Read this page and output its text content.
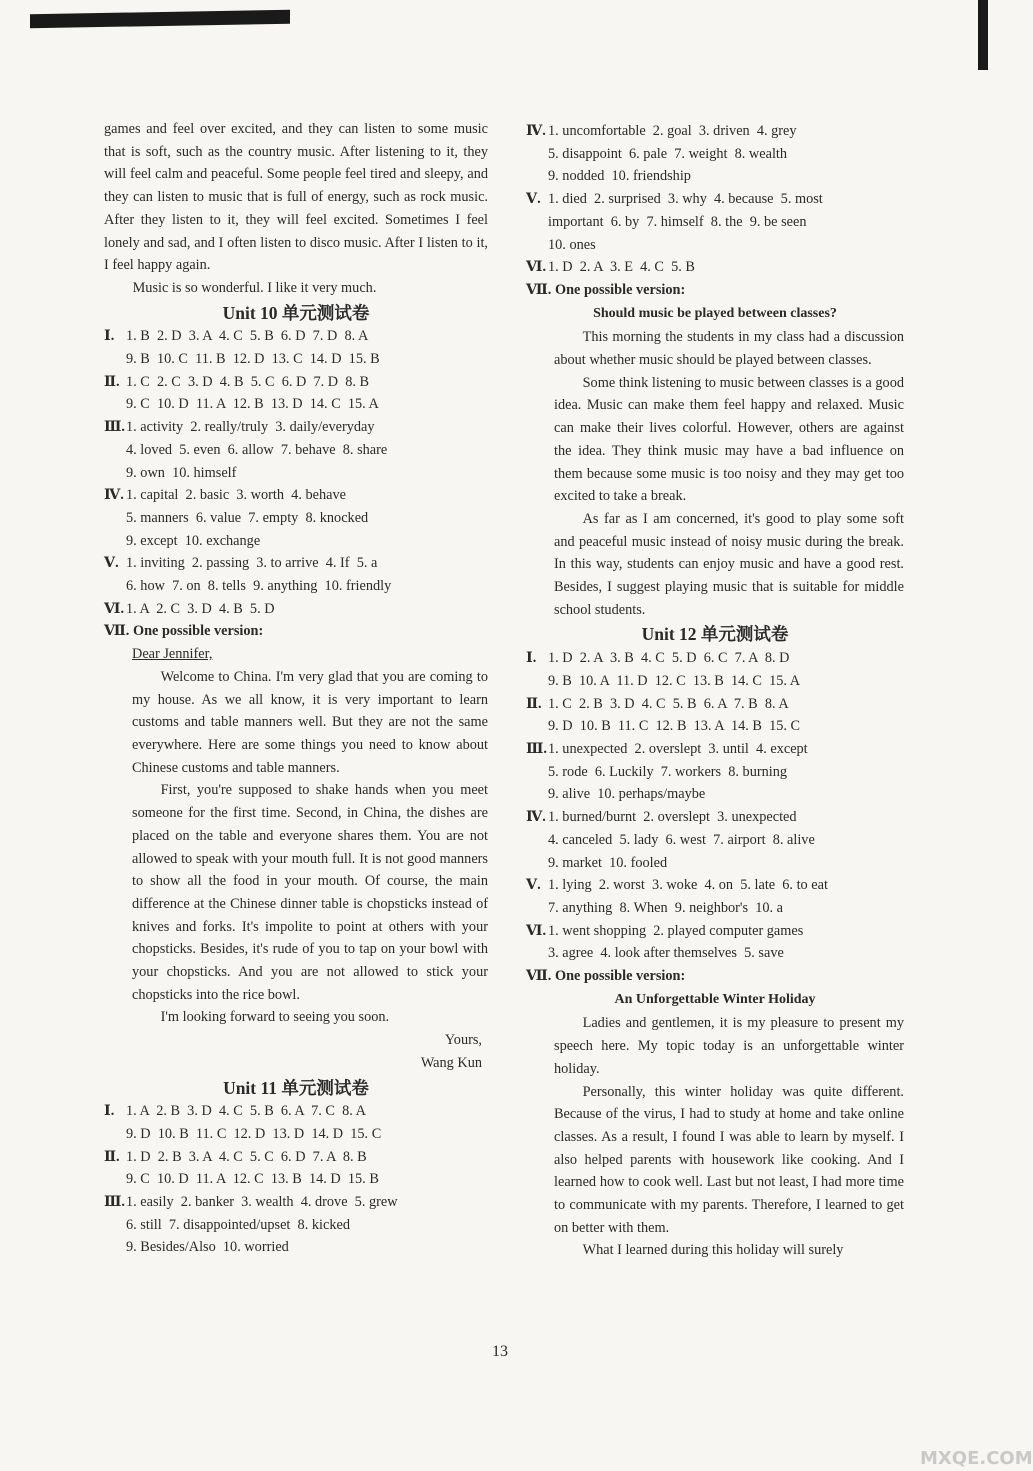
games and feel over excited, and they can listen to some music that is soft, such as the country music. After listening to it, they will feel calm and peaceful. Some people feel tired and sleepy, and they can listen to music that is full of energy, such as rock music. After they listen to it, they will feel excited. Sometimes I feel lonely and sad, and I often listen to disco music. After I listen to it, I feel happy again.

Music is so wonderful. I like it very much.

Unit 10 单元测试卷
Ⅰ. 1. B  2. D  3. A  4. C  5. B  6. D  7. D  8. A
9. B  10. C  11. B  12. D  13. C  14. D  15. B
Ⅱ. 1. C  2. C  3. D  4. B  5. C  6. D  7. D  8. B
9. C  10. D  11. A  12. B  13. D  14. C  15. A
Ⅲ. 1. activity  2. really/truly  3. daily/everyday
4. loved  5. even  6. allow  7. behave  8. share
9. own  10. himself
Ⅳ. 1. capital  2. basic  3. worth  4. behave
5. manners  6. value  7. empty  8. knocked
9. except  10. exchange
Ⅴ. 1. inviting  2. passing  3. to arrive  4. If  5. a
6. how  7. on  8. tells  9. anything  10. friendly
Ⅵ. 1. A  2. C  3. D  4. B  5. D
Ⅶ. One possible version:
Dear Jennifer,

Welcome to China. I'm very glad that you are coming to my house. As we all know, it is very important to learn customs and table manners well. But they are not the same everywhere. Here are some things you need to know about Chinese customs and table manners.

First, you're supposed to shake hands when you meet someone for the first time. Second, in China, the dishes are placed on the table and everyone shares them. You are not allowed to speak with your mouth full. It is not good manners to show all the food in your mouth. Of course, the main difference at the Chinese dinner table is chopsticks instead of knives and forks. It's impolite to point at others with your chopsticks. Besides, it's rude of you to tap on your bowl with your chopsticks. And you are not allowed to stick your chopsticks into the rice bowl.

I'm looking forward to seeing you soon.

Yours,
Wang Kun
Unit 11 单元测试卷
Ⅰ. 1. A  2. B  3. D  4. C  5. B  6. A  7. C  8. A
9. D  10. B  11. C  12. D  13. D  14. D  15. C
Ⅱ. 1. D  2. B  3. A  4. C  5. C  6. D  7. A  8. B
9. C  10. D  11. A  12. C  13. B  14. D  15. B
Ⅲ. 1. easily  2. banker  3. wealth  4. drove  5. grew
6. still  7. disappointed/upset  8. kicked
9. Besides/Also  10. worried
Ⅳ. 1. uncomfortable  2. goal  3. driven  4. grey
5. disappoint  6. pale  7. weight  8. wealth
9. nodded  10. friendship
Ⅴ. 1. died  2. surprised  3. why  4. because  5. most
important  6. by  7. himself  8. the  9. be seen
10. ones
Ⅵ. 1. D  2. A  3. E  4. C  5. B
Ⅶ. One possible version:
Should music be played between classes?

This morning the students in my class had a discussion about whether music should be played between classes.

Some think listening to music between classes is a good idea. Music can make them feel happy and relaxed. Music can make their lives colorful. However, others are against the idea. They think music may have a bad influence on them because some music is too noisy and they may get too excited to take a break.

As far as I am concerned, it's good to play some soft and peaceful music instead of noisy music during the break. In this way, students can enjoy music and have a good rest. Besides, I suggest playing music that is suitable for middle school students.

Unit 12 单元测试卷
Ⅰ. 1. D  2. A  3. B  4. C  5. D  6. C  7. A  8. D
9. B  10. A  11. D  12. C  13. B  14. C  15. A
Ⅱ. 1. C  2. B  3. D  4. C  5. B  6. A  7. B  8. A
9. D  10. B  11. C  12. B  13. A  14. B  15. C
Ⅲ. 1. unexpected  2. overslept  3. until  4. except
5. rode  6. Luckily  7. workers  8. burning
9. alive  10. perhaps/maybe
Ⅳ. 1. burned/burnt  2. overslept  3. unexpected
4. canceled  5. lady  6. west  7. airport  8. alive
9. market  10. fooled
Ⅴ. 1. lying  2. worst  3. woke  4. on  5. late  6. to eat
7. anything  8. When  9. neighbor's  10. a
Ⅵ. 1. went shopping  2. played computer games
3. agree  4. look after themselves  5. save
Ⅶ. One possible version:
An Unforgettable Winter Holiday

Ladies and gentlemen, it is my pleasure to present my speech here. My topic today is an unforgettable winter holiday.

Personally, this winter holiday was quite different. Because of the virus, I had to study at home and take online classes. As a result, I found I was able to learn by myself. I also helped parents with housework like cooking. And I learned how to cook well. Last but not least, I had more time to communicate with my parents. Therefore, I learned to get on better with them.

What I learned during this holiday will surely

13
MXQE.COM
